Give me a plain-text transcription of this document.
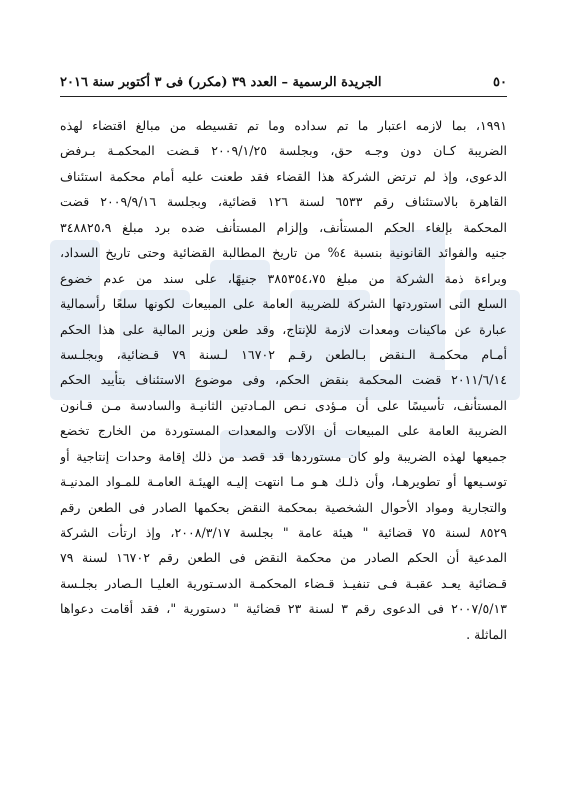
٥٠
الجريدة الرسمية – العدد ٣٩ (مكرر) فى ٣ أكتوبر سنة ٢٠١٦
١٩٩١، بما لازمه اعتبار ما تم سداده وما تم تقسيطه من مبالغ اقتضاء لهذه
الضريبة كـان دون وجـه حق، وبجلسة ٢٠٠٩/١/٢٥ قـضت المحكمـة بـرفض
الدعوى، وإذ لم ترتض الشركة هذا القضاء فقد طعنت عليه أمام محكمة استئناف
القاهرة بالاستئناف رقم ٦٥٣٣ لسنة ١٢٦ قضائية، وبجلسة ٢٠٠٩/٩/١٦ قضت
المحكمة بإلغاء الحكم المستأنف، وإلزام المستأنف ضده برد مبلغ ٣٤٨٨٢٥،٩
جنيه والفوائد القانونية بنسبة ٤% من تاريخ المطالبة القضائية وحتى تاريخ السداد،
وبراءة ذمة الشركة من مبلغ ٣٨٥٣٥٤،٧٥ جنيهًا، على سند من عدم خضوع
السلع التى استوردتها الشركة للضريبة العامة على المبيعات لكونها سلعًا رأسمالية
عبارة عن ماكينات ومعدات لازمة للإنتاج، وقد طعن وزير المالية على هذا الحكم
أمـام محكمـة الـنقض بـالطعن رقـم ١٦٧٠٢ لـسنة ٧٩ قـضائية، وبجلـسة
٢٠١١/٦/١٤ قضت المحكمة بنقض الحكم، وفى موضوع الاستئناف بتأييد الحكم
المستأنف، تأسيسًا على أن مـؤدى نـص المـادتين الثانيـة والسادسة مـن قـانون
الضريبة العامة على المبيعات أن الآلات والمعدات المستوردة من الخارج تخضع
جميعها لهذه الضريبة ولو كان مستوردها قد قصد من ذلك إقامة وحدات إنتاجية أو
توسـيعها أو تطويرهـا، وأن ذلـك هـو مـا انتهت إليـه الهيئـة العامـة للمـواد المدنيـة
والتجارية ومواد الأحوال الشخصية بمحكمة النقض بحكمها الصادر فى الطعن رقم
٨٥٢٩ لسنة ٧٥ قضائية " هيئة عامة " بجلسة ٢٠٠٨/٣/١٧، وإذ ارتأت الشركة
المدعية أن الحكم الصادر من محكمة النقض فى الطعن رقم ١٦٧٠٢ لسنة ٧٩
قـضائية يعـد عقبـة فـى تنفيـذ قـضاء المحكمـة الدسـتورية العليـا الـصادر بجلـسة
٢٠٠٧/٥/١٣ فى الدعوى رقم ٣ لسنة ٢٣ قضائية " دستورية "، فقد أقامت دعواها
الماثلة .
